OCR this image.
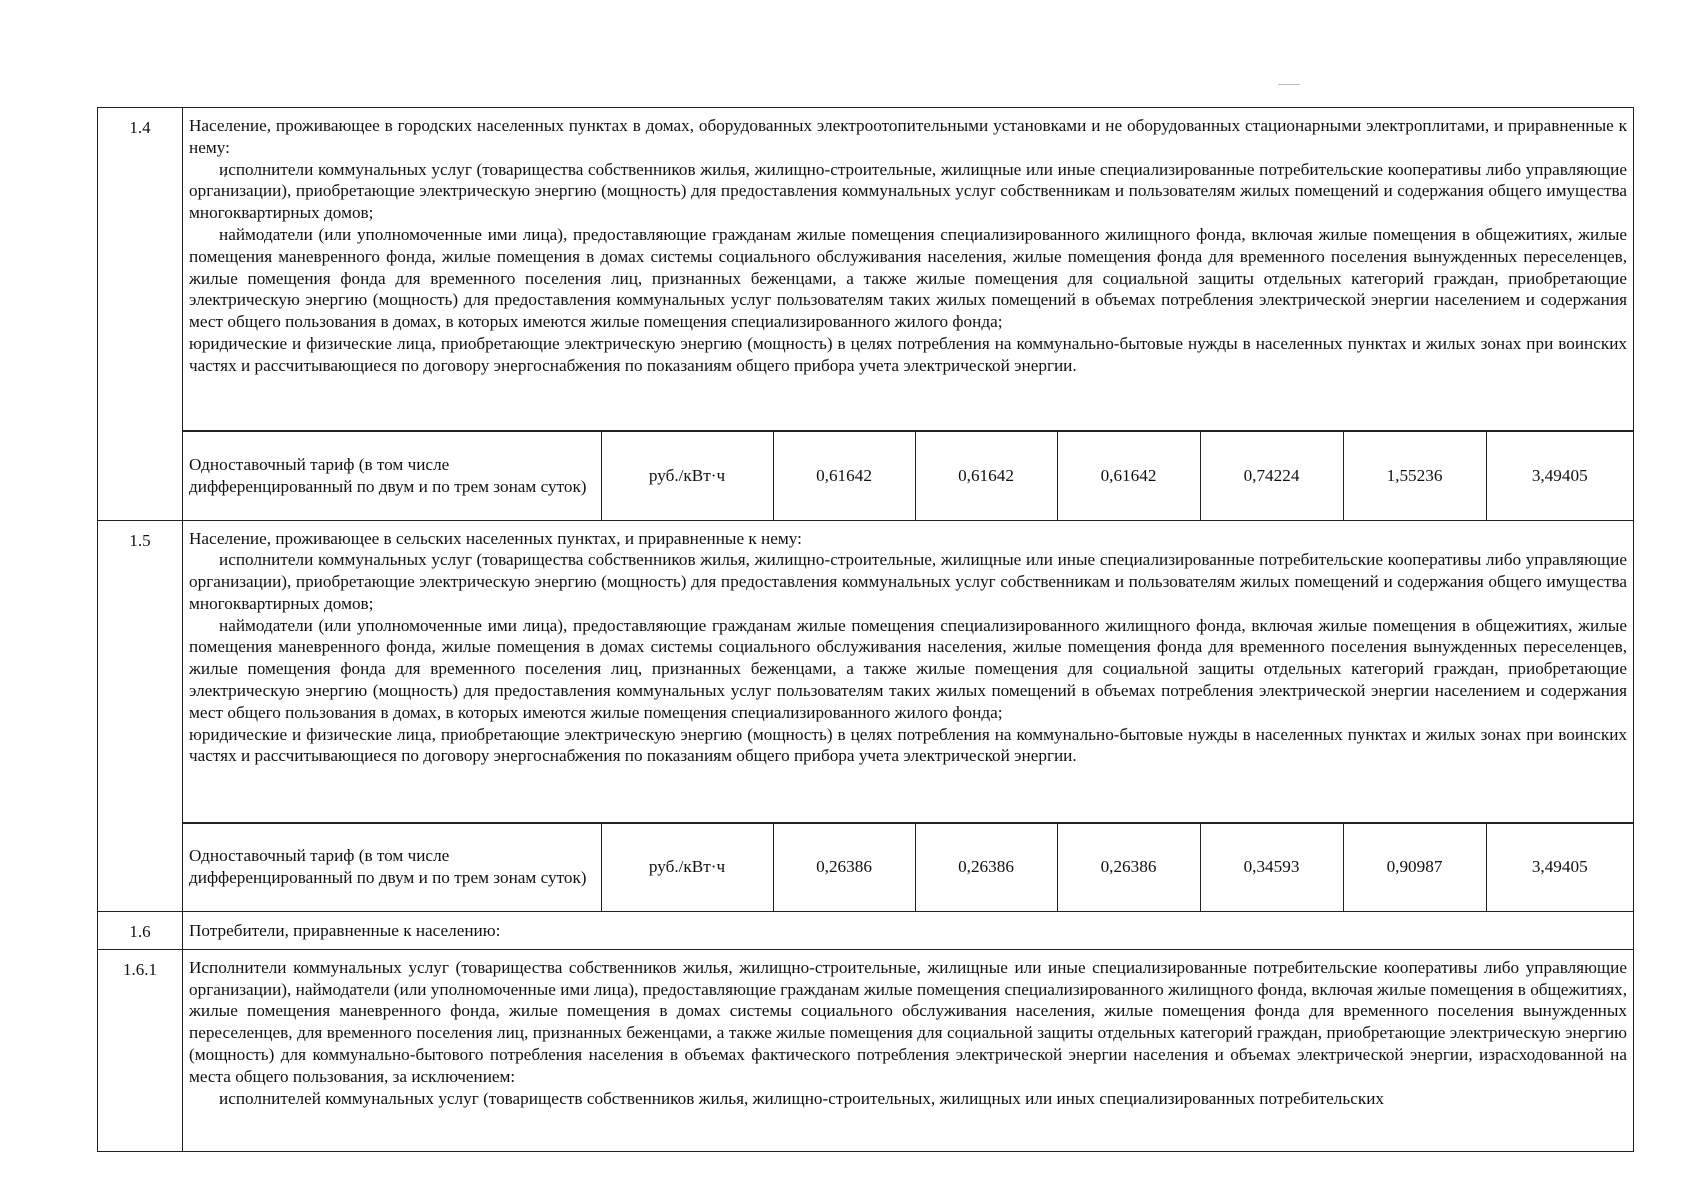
1.4	Население, проживающее в городских населенных пунктах в домах, оборудованных электроотопительными установками и не оборудованных стационарными электроплитами, и приравненные к нему:

исполнители коммунальных услуг (товарищества собственников жилья, жилищно-строительные, жилищные или иные специализированные потребительские кооперативы либо управляющие организации), приобретающие электрическую энергию (мощность) для предоставления коммунальных услуг собственникам и пользователям жилых помещений и содержания общего имущества многоквартирных домов;

наймодатели (или уполномоченные ими лица), предоставляющие гражданам жилые помещения специализированного жилищного фонда, включая жилые помещения в общежитиях, жилые помещения маневренного фонда, жилые помещения в домах системы социального обслуживания населения, жилые помещения фонда для временного поселения вынужденных переселенцев, жилые помещения фонда для временного поселения лиц, признанных беженцами, а также жилые помещения для социальной защиты отдельных категорий граждан, приобретающие электрическую энергию (мощность) для предоставления коммунальных услуг пользователям таких жилых помещений в объемах потребления электрической энергии населением и содержания мест общего пользования в домах, в которых имеются жилые помещения специализированного жилого фонда;

юридические и физические лица, приобретающие электрическую энергию (мощность) в целях потребления на коммунально-бытовые нужды в населенных пунктах и жилых зонах при воинских частях и рассчитывающиеся по договору энергоснабжения по показаниям общего прибора учета электрической энергии.

Одноставочный тариф (в том числе дифференцированный по двум и по трем зонам суток)	руб./кВт·ч	0,61642	0,61642	0,61642	0,74224	1,55236	3,49405

1.5	Население, проживающее в сельских населенных пунктах, и приравненные к нему:

исполнители коммунальных услуг (товарищества собственников жилья, жилищно-строительные, жилищные или иные специализированные потребительские кооперативы либо управляющие организации), приобретающие электрическую энергию (мощность) для предоставления коммунальных услуг собственникам и пользователям жилых помещений и содержания общего имущества многоквартирных домов;

наймодатели (или уполномоченные ими лица), предоставляющие гражданам жилые помещения специализированного жилищного фонда, включая жилые помещения в общежитиях, жилые помещения маневренного фонда, жилые помещения в домах системы социального обслуживания населения, жилые помещения фонда для временного поселения вынужденных переселенцев, жилые помещения фонда для временного поселения лиц, признанных беженцами, а также жилые помещения для социальной защиты отдельных категорий граждан, приобретающие электрическую энергию (мощность) для предоставления коммунальных услуг пользователям таких жилых помещений в объемах потребления электрической энергии населением и содержания мест общего пользования в домах, в которых имеются жилые помещения специализированного жилого фонда;

юридические и физические лица, приобретающие электрическую энергию (мощность) в целях потребления на коммунально-бытовые нужды в населенных пунктах и жилых зонах при воинских частях и рассчитывающиеся по договору энергоснабжения по показаниям общего прибора учета электрической энергии.

Одноставочный тариф (в том числе дифференцированный по двум и по трем зонам суток)	руб./кВт·ч	0,26386	0,26386	0,26386	0,34593	0,90987	3,49405

1.6	Потребители, приравненные к населению:
1.6.1	Исполнители коммунальных услуг (товарищества собственников жилья, жилищно-строительные, жилищные или иные специализированные потребительские кооперативы либо управляющие организации), наймодатели (или уполномоченные ими лица), предоставляющие гражданам жилые помещения специализированного жилищного фонда, включая жилые помещения в общежитиях, жилые помещения маневренного фонда, жилые помещения в домах системы социального обслуживания населения, жилые помещения фонда для временного поселения вынужденных переселенцев, для временного поселения лиц, признанных беженцами, а также жилые помещения для социальной защиты отдельных категорий граждан, приобретающие электрическую энергию (мощность) для коммунально-бытового потребления населения в объемах фактического потребления электрической энергии населения и объемах электрической энергии, израсходованной на места общего пользования, за исключением:

исполнителей коммунальных услуг (товариществ собственников жилья, жилищно-строительных, жилищных или иных специализированных потребительских
